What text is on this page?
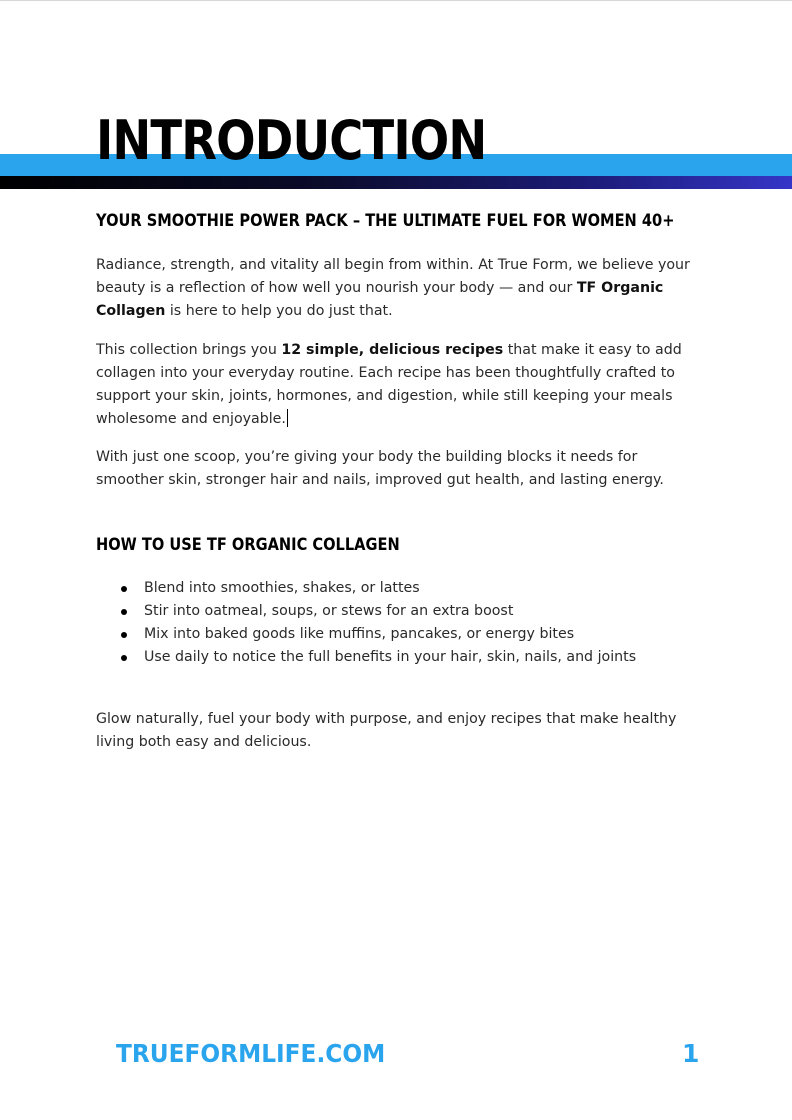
INTRODUCTION
YOUR SMOOTHIE POWER PACK – THE ULTIMATE FUEL FOR WOMEN 40+

Radiance, strength, and vitality all begin from within. At True Form, we believe your beauty is a reflection of how well you nourish your body — and our TF Organic Collagen is here to help you do just that.

This collection brings you 12 simple, delicious recipes that make it easy to add collagen into your everyday routine. Each recipe has been thoughtfully crafted to support your skin, joints, hormones, and digestion, while still keeping your meals wholesome and enjoyable.

With just one scoop, you’re giving your body the building blocks it needs for smoother skin, stronger hair and nails, improved gut health, and lasting energy.

HOW TO USE TF ORGANIC COLLAGEN
Blend into smoothies, shakes, or lattes
Stir into oatmeal, soups, or stews for an extra boost
Mix into baked goods like muffins, pancakes, or energy bites
Use daily to notice the full benefits in your hair, skin, nails, and joints

Glow naturally, fuel your body with purpose, and enjoy recipes that make healthy living both easy and delicious.

TRUEFORMLIFE.COM	1
